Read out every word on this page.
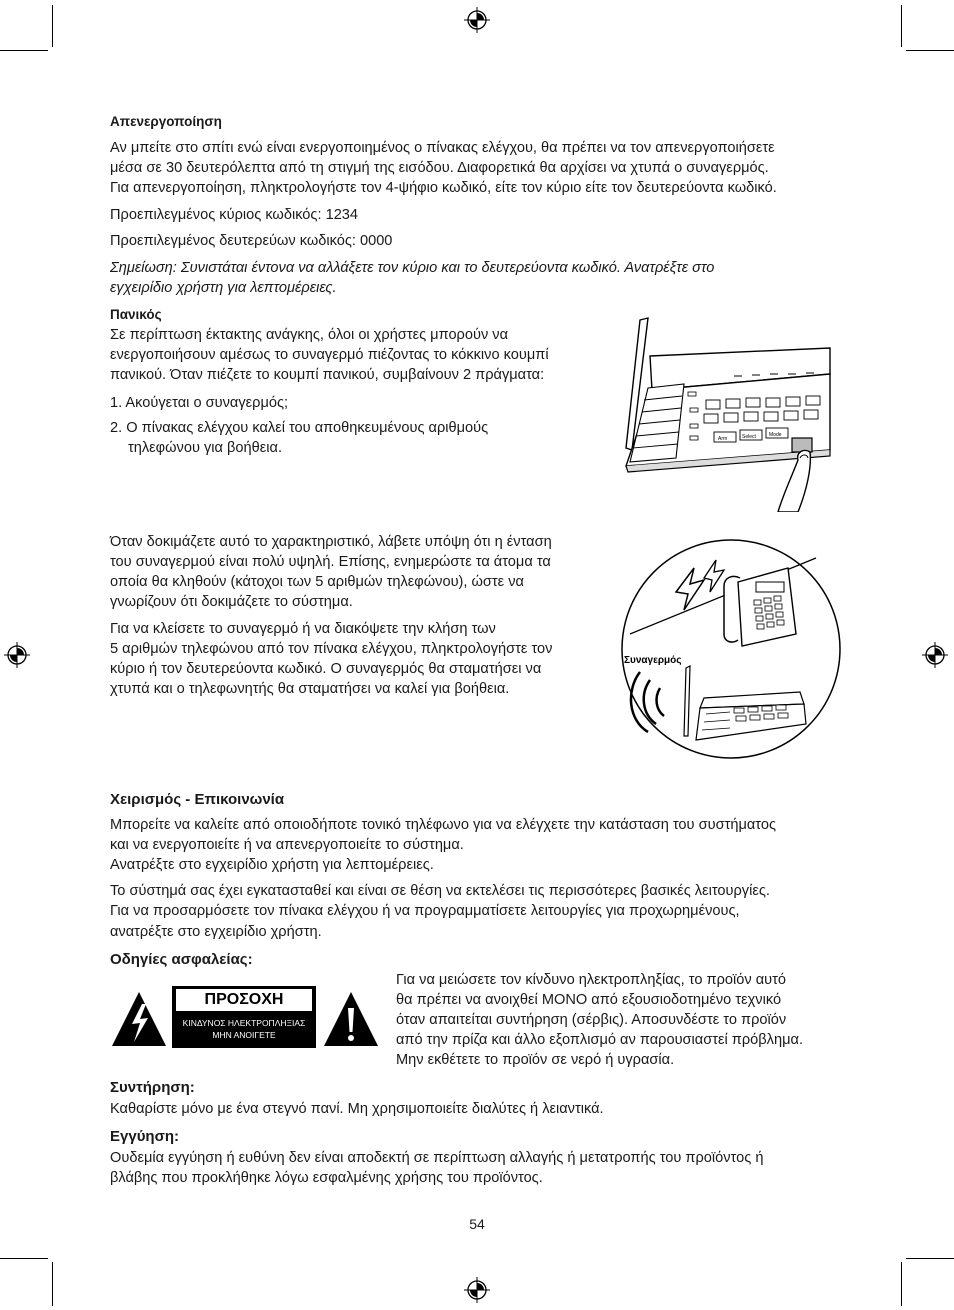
Απενεργοποίηση
Αν μπείτε στο σπίτι ενώ είναι ενεργοποιημένος ο πίνακας ελέγχου, θα πρέπει να τον απενεργοποιήσετε
μέσα σε 30 δευτερόλεπτα από τη στιγμή της εισόδου. Διαφορετικά θα αρχίσει να χτυπά ο συναγερμός.
Για απενεργοποίηση, πληκτρολογήστε τον 4-ψήφιο κωδικό, είτε τον κύριο είτε τον δευτερεύοντα κωδικό.
Προεπιλεγμένος κύριος κωδικός: 1234
Προεπιλεγμένος δευτερεύων κωδικός: 0000
Σημείωση: Συνιστάται έντονα να αλλάξετε τον κύριο και το δευτερεύοντα κωδικό. Ανατρέξτε στο
εγχειρίδιο χρήστη για λεπτομέρειες.
Πανικός
Σε περίπτωση έκτακτης ανάγκης, όλοι οι χρήστες μπορούν να
ενεργοποιήσουν αμέσως το συναγερμό πιέζοντας το κόκκινο κουμπί
πανικού. Όταν πιέζετε το κουμπί πανικού, συμβαίνουν 2 πράγματα:
1. Ακούγεται ο συναγερμός;
2. Ο πίνακας ελέγχου καλεί του αποθηκευμένους αριθμούς
τηλεφώνου για βοήθεια.
Arm	Select	Mode
Όταν δοκιμάζετε αυτό το χαρακτηριστικό, λάβετε υπόψη ότι η ένταση
του συναγερμού είναι πολύ υψηλή. Επίσης, ενημερώστε τα άτομα τα
οποία θα κληθούν (κάτοχοι των 5 αριθμών τηλεφώνου), ώστε να
γνωρίζουν ότι δοκιμάζετε το σύστημα.
Για να κλείσετε το συναγερμό ή να διακόψετε την κλήση των
5 αριθμών τηλεφώνου από τον πίνακα ελέγχου, πληκτρολογήστε τον
κύριο ή τον δευτερεύοντα κωδικό. Ο συναγερμός θα σταματήσει να
χτυπά και ο τηλεφωνητής θα σταματήσει να καλεί για βοήθεια.
Συναγερμός
Χειρισμός - Επικοινωνία
Μπορείτε να καλείτε από οποιοδήποτε τονικό τηλέφωνο για να ελέγχετε την κατάσταση του συστήματος
και να ενεργοποιείτε ή να απενεργοποιείτε το σύστημα.
Ανατρέξτε στο εγχειρίδιο χρήστη για λεπτομέρειες.
Το σύστημά σας έχει εγκατασταθεί και είναι σε θέση να εκτελέσει τις περισσότερες βασικές λειτουργίες.
Για να προσαρμόσετε τον πίνακα ελέγχου ή να προγραμματίσετε λειτουργίες για προχωρημένους,
ανατρέξτε στο εγχειρίδιο χρήστη.
Οδηγίες ασφαλείας:
ΠΡΟΣΟΧΗ
ΚΙΝΔΥΝΟΣ ΗΛΕΚΤΡΟΠΛΗΞΙΑΣ
ΜΗΝ ΑΝΟΙΓΕΤΕ
Για να μειώσετε τον κίνδυνο ηλεκτροπληξίας, το προϊόν αυτό
θα πρέπει να ανοιχθεί ΜΟΝΟ από εξουσιοδοτημένο τεχνικό
όταν απαιτείται συντήρηση (σέρβις). Αποσυνδέστε το προϊόν
από την πρίζα και άλλο εξοπλισμό αν παρουσιαστεί πρόβλημα.
Μην εκθέτετε το προϊόν σε νερό ή υγρασία.
Συντήρηση:
Καθαρίστε μόνο με ένα στεγνό πανί. Μη χρησιμοποιείτε διαλύτες ή λειαντικά.
Εγγύηση:
Ουδεμία εγγύηση ή ευθύνη δεν είναι αποδεκτή σε περίπτωση αλλαγής ή μετατροπής του προϊόντος ή
βλάβης που προκλήθηκε λόγω εσφαλμένης χρήσης του προϊόντος.
54
